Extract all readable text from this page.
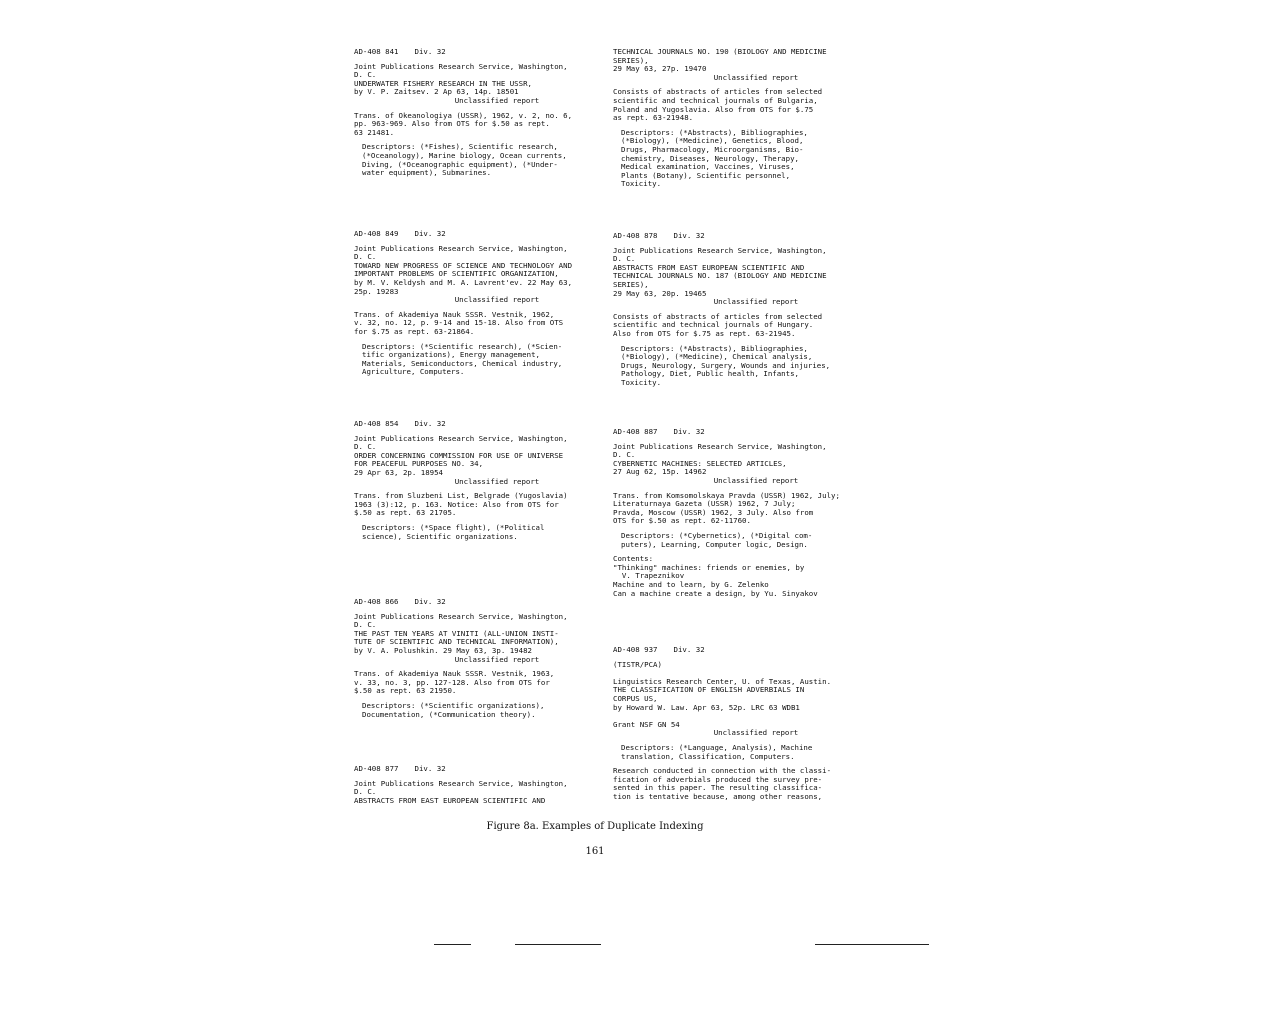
AD-408 841 Div. 32
Joint Publications Research Service, Washington,
D. C.
UNDERWATER FISHERY RESEARCH IN THE USSR,
by V. P. Zaitsev. 2 Ap 63, 14p. 18501
Unclassified report
Trans. of Okeanologiya (USSR), 1962, v. 2, no. 6,
pp. 963-969. Also from OTS for $.50 as rept.
63 21481.
Descriptors: (*Fishes), Scientific research,
(*Oceanology), Marine biology, Ocean currents,
Diving, (*Oceanographic equipment), (*Under-
water equipment), Submarines.
AD-408 849 Div. 32
Joint Publications Research Service, Washington,
D. C.
TOWARD NEW PROGRESS OF SCIENCE AND TECHNOLOGY AND
IMPORTANT PROBLEMS OF SCIENTIFIC ORGANIZATION,
by M. V. Keldysh and M. A. Lavrent'ev. 22 May 63,
25p. 19283
Unclassified report
Trans. of Akademiya Nauk SSSR. Vestnik, 1962,
v. 32, no. 12, p. 9-14 and 15-18. Also from OTS
for $.75 as rept. 63-21864.
Descriptors: (*Scientific research), (*Scien-
tific organizations), Energy management,
Materials, Semiconductors, Chemical industry,
Agriculture, Computers.
AD-408 854 Div. 32
Joint Publications Research Service, Washington,
D. C.
ORDER CONCERNING COMMISSION FOR USE OF UNIVERSE
FOR PEACEFUL PURPOSES NO. 34,
29 Apr 63, 2p. 18954
Unclassified report
Trans. from Sluzbeni List, Belgrade (Yugoslavia)
1963 (3):12, p. 163. Notice: Also from OTS for
$.50 as rept. 63 21705.
Descriptors: (*Space flight), (*Political
science), Scientific organizations.
AD-408 866 Div. 32
Joint Publications Research Service, Washington,
D. C.
THE PAST TEN YEARS AT VINITI (ALL-UNION INSTI-
TUTE OF SCIENTIFIC AND TECHNICAL INFORMATION),
by V. A. Polushkin. 29 May 63, 3p. 19482
Unclassified report
Trans. of Akademiya Nauk SSSR. Vestnik, 1963,
v. 33, no. 3, pp. 127-128. Also from OTS for
$.50 as rept. 63 21950.
Descriptors: (*Scientific organizations),
Documentation, (*Communication theory).
AD-408 877 Div. 32
Joint Publications Research Service, Washington,
D. C.
ABSTRACTS FROM EAST EUROPEAN SCIENTIFIC AND
TECHNICAL JOURNALS NO. 190 (BIOLOGY AND MEDICINE
SERIES),
29 May 63, 27p. 19470
Unclassified report
Consists of abstracts of articles from selected
scientific and technical journals of Bulgaria,
Poland and Yugoslavia. Also from OTS for $.75
as rept. 63-21948.
Descriptors: (*Abstracts), Bibliographies,
(*Biology), (*Medicine), Genetics, Blood,
Drugs, Pharmacology, Microorganisms, Bio-
chemistry, Diseases, Neurology, Therapy,
Medical examination, Vaccines, Viruses,
Plants (Botany), Scientific personnel,
Toxicity.
AD-408 878 Div. 32
Joint Publications Research Service, Washington,
D. C.
ABSTRACTS FROM EAST EUROPEAN SCIENTIFIC AND
TECHNICAL JOURNALS NO. 187 (BIOLOGY AND MEDICINE
SERIES),
29 May 63, 20p. 19465
Unclassified report
Consists of abstracts of articles from selected
scientific and technical journals of Hungary.
Also from OTS for $.75 as rept. 63-21945.
Descriptors: (*Abstracts), Bibliographies,
(*Biology), (*Medicine), Chemical analysis,
Drugs, Neurology, Surgery, Wounds and injuries,
Pathology, Diet, Public health, Infants,
Toxicity.
AD-408 887 Div. 32
Joint Publications Research Service, Washington,
D. C.
CYBERNETIC MACHINES: SELECTED ARTICLES,
27 Aug 62, 15p. 14962
Unclassified report
Trans. from Komsomolskaya Pravda (USSR) 1962, July;
Literaturnaya Gazeta (USSR) 1962, 7 July;
Pravda, Moscow (USSR) 1962, 3 July. Also from
OTS for $.50 as rept. 62-11760.
Descriptors: (*Cybernetics), (*Digital com-
puters), Learning, Computer logic, Design.
Contents:
"Thinking" machines: friends or enemies, by
V. Trapeznikov
Machine and to learn, by G. Zelenko
Can a machine create a design, by Yu. Sinyakov
AD-408 937 Div. 32
(TISTR/PCA)
Linguistics Research Center, U. of Texas, Austin.
THE CLASSIFICATION OF ENGLISH ADVERBIALS IN
CORPUS US,
by Howard W. Law. Apr 63, 52p. LRC 63 WDB1
Grant NSF GN 54
Unclassified report
Descriptors: (*Language, Analysis), Machine
translation, Classification, Computers.
Research conducted in connection with the classi-
fication of adverbials produced the survey pre-
sented in this paper. The resulting classifica-
tion is tentative because, among other reasons,
Figure 8a. Examples of Duplicate Indexing
161
